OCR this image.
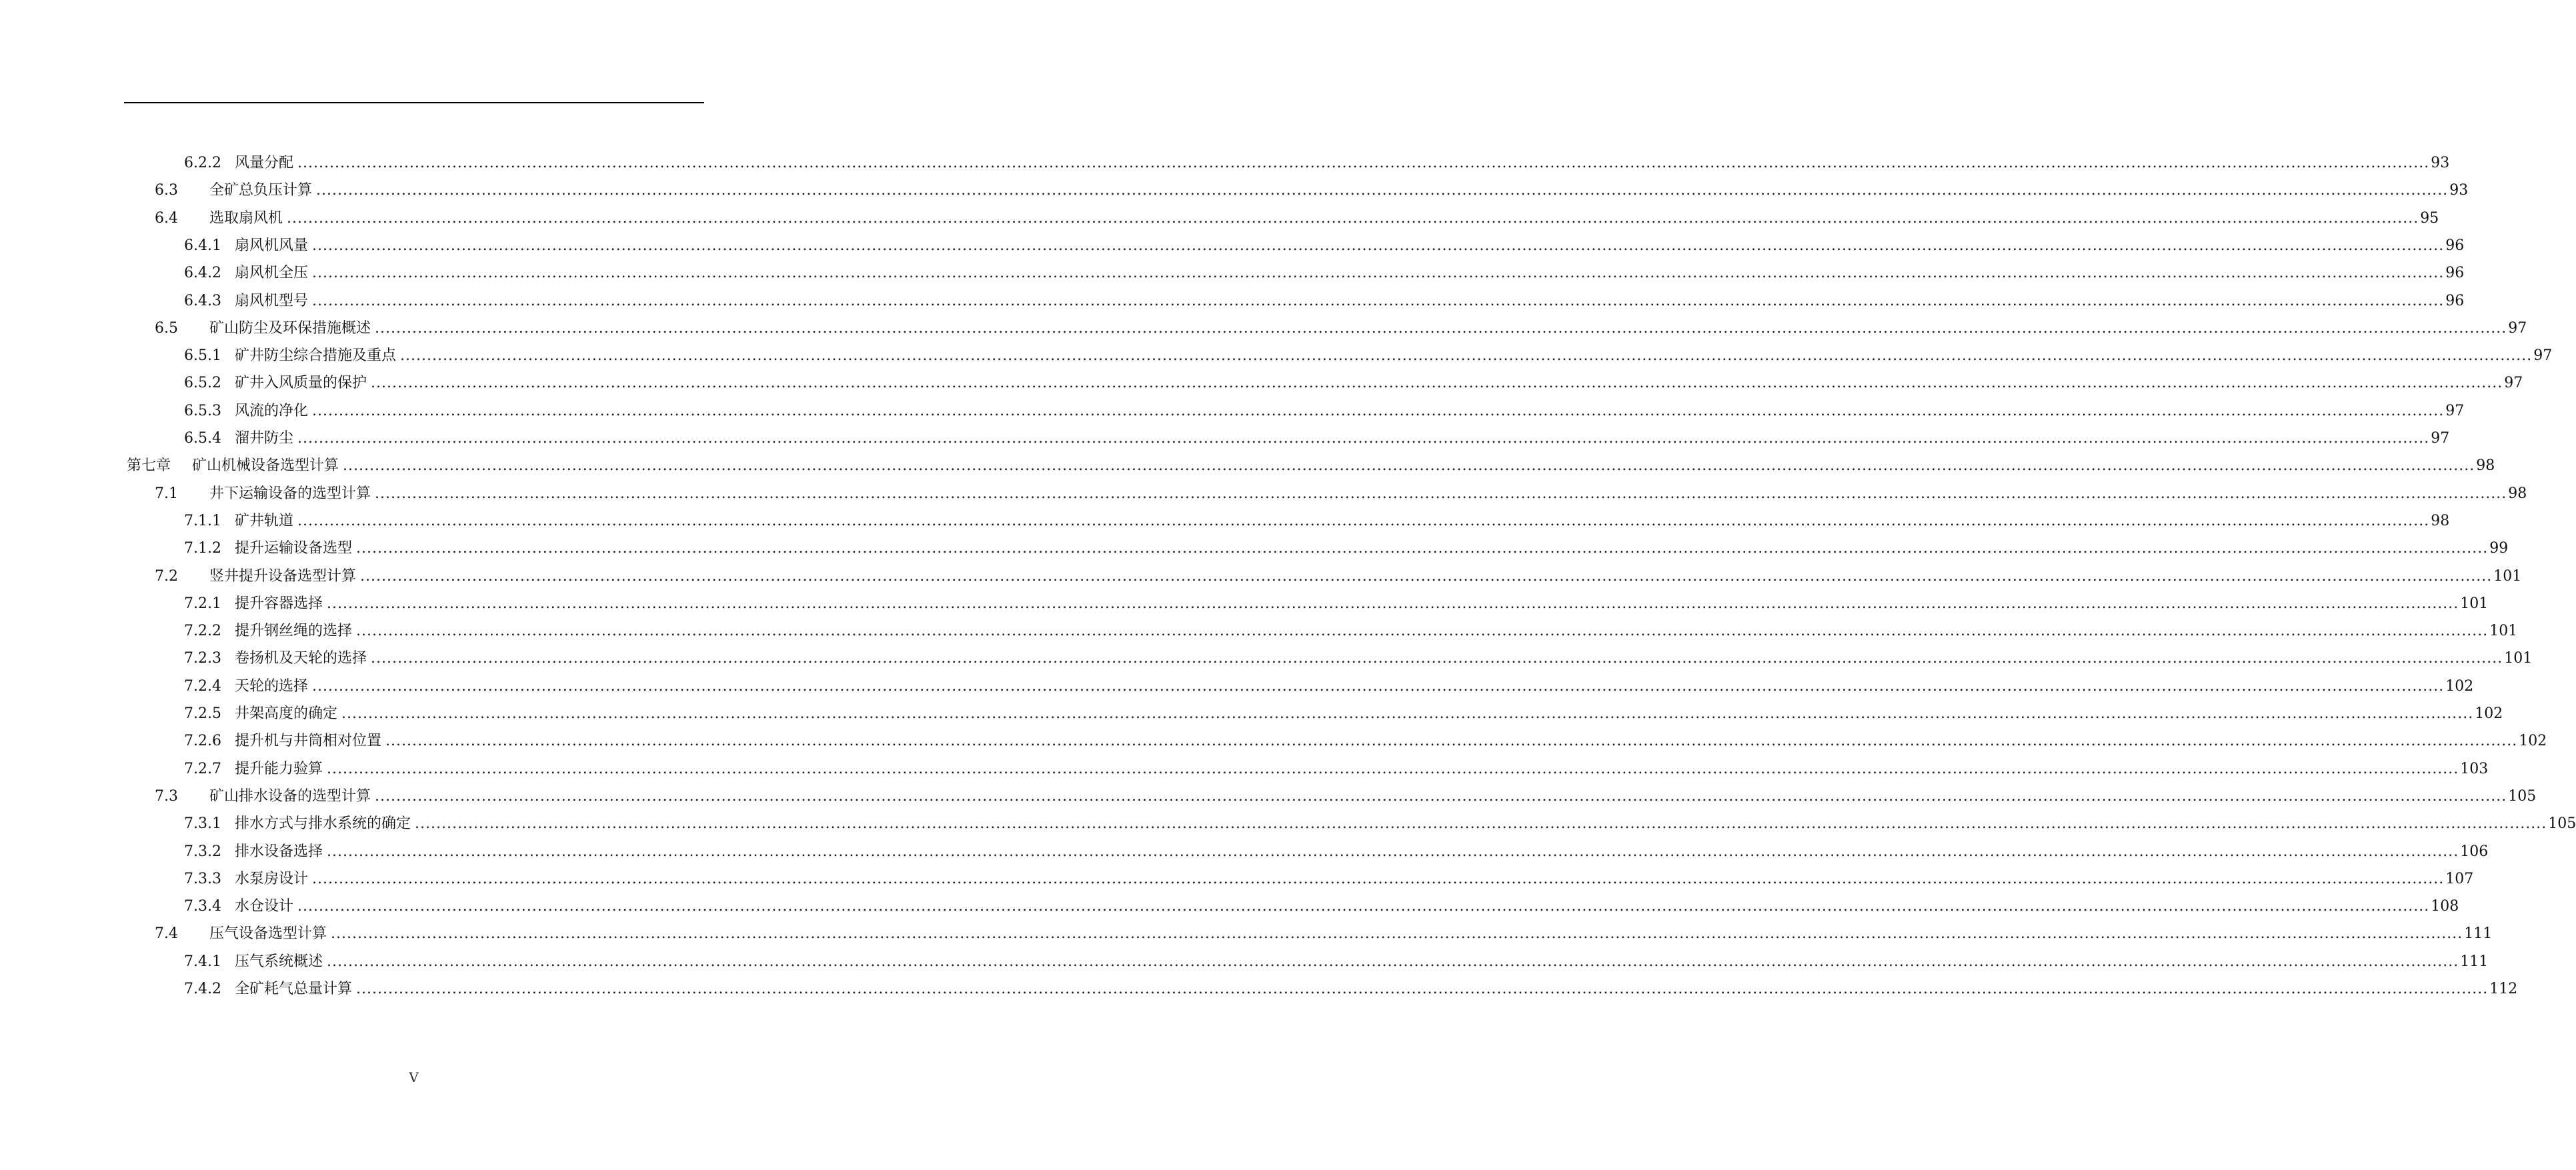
6.2.2 风量分配 ................................................................................................................................................................................................................................................................................................................................................................................................................ 93
6.3 全矿总负压计算 ................................................................................................................................................................................................................................................................................................................................................................................................................ 93
6.4 选取扇风机 ................................................................................................................................................................................................................................................................................................................................................................................................................ 95
6.4.1 扇风机风量 ................................................................................................................................................................................................................................................................................................................................................................................................................ 96
6.4.2 扇风机全压 ................................................................................................................................................................................................................................................................................................................................................................................................................ 96
6.4.3 扇风机型号 ................................................................................................................................................................................................................................................................................................................................................................................................................ 96
6.5 矿山防尘及环保措施概述 ................................................................................................................................................................................................................................................................................................................................................................................................................ 97
6.5.1 矿井防尘综合措施及重点 ................................................................................................................................................................................................................................................................................................................................................................................................................ 97
6.5.2 矿井入风质量的保护 ................................................................................................................................................................................................................................................................................................................................................................................................................ 97
6.5.3 风流的净化 ................................................................................................................................................................................................................................................................................................................................................................................................................ 97
6.5.4 溜井防尘 ................................................................................................................................................................................................................................................................................................................................................................................................................ 97
第七章 矿山机械设备选型计算 ................................................................................................................................................................................................................................................................................................................................................................................................................ 98
7.1 井下运输设备的选型计算 ................................................................................................................................................................................................................................................................................................................................................................................................................ 98
7.1.1 矿井轨道 ................................................................................................................................................................................................................................................................................................................................................................................................................ 98
7.1.2 提升运输设备选型 ................................................................................................................................................................................................................................................................................................................................................................................................................ 99
7.2 竖井提升设备选型计算 ................................................................................................................................................................................................................................................................................................................................................................................................................ 101
7.2.1 提升容器选择 ................................................................................................................................................................................................................................................................................................................................................................................................................ 101
7.2.2 提升钢丝绳的选择 ................................................................................................................................................................................................................................................................................................................................................................................................................ 101
7.2.3 卷扬机及天轮的选择 ................................................................................................................................................................................................................................................................................................................................................................................................................ 101
7.2.4 天轮的选择 ................................................................................................................................................................................................................................................................................................................................................................................................................ 102
7.2.5 井架高度的确定 ................................................................................................................................................................................................................................................................................................................................................................................................................ 102
7.2.6 提升机与井筒相对位置 ................................................................................................................................................................................................................................................................................................................................................................................................................ 102
7.2.7 提升能力验算 ................................................................................................................................................................................................................................................................................................................................................................................................................ 103
7.3 矿山排水设备的选型计算 ................................................................................................................................................................................................................................................................................................................................................................................................................ 105
7.3.1 排水方式与排水系统的确定 ................................................................................................................................................................................................................................................................................................................................................................................................................ 105
7.3.2 排水设备选择 ................................................................................................................................................................................................................................................................................................................................................................................................................ 106
7.3.3 水泵房设计 ................................................................................................................................................................................................................................................................................................................................................................................................................ 107
7.3.4 水仓设计 ................................................................................................................................................................................................................................................................................................................................................................................................................ 108
7.4 压气设备选型计算 ................................................................................................................................................................................................................................................................................................................................................................................................................ 111
7.4.1 压气系统概述 ................................................................................................................................................................................................................................................................................................................................................................................................................ 111
7.4.2 全矿耗气总量计算 ................................................................................................................................................................................................................................................................................................................................................................................................................ 112
V
